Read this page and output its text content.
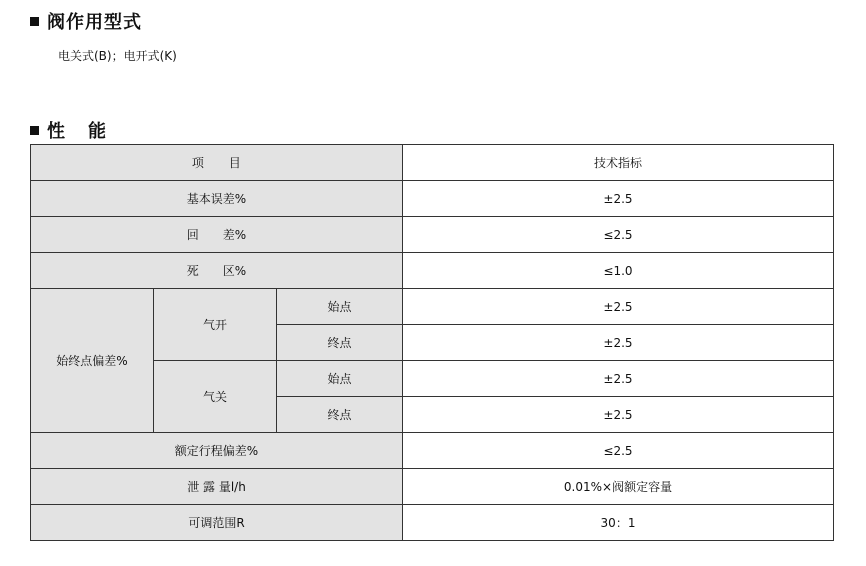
阀作用型式
电关式(B)；电开式(K)
性 能
项　　目			技术指标
基本误差%			±2.5
回　　差%			≤2.5
死　　区%			≤1.0
始终点偏差%	气开	始点	±2.5
		终点	±2.5
	气关	始点	±2.5
		终点	±2.5
额定行程偏差%			≤2.5
泄 露 量l/h			0.01%×阀额定容量
可调范围R			30：1
